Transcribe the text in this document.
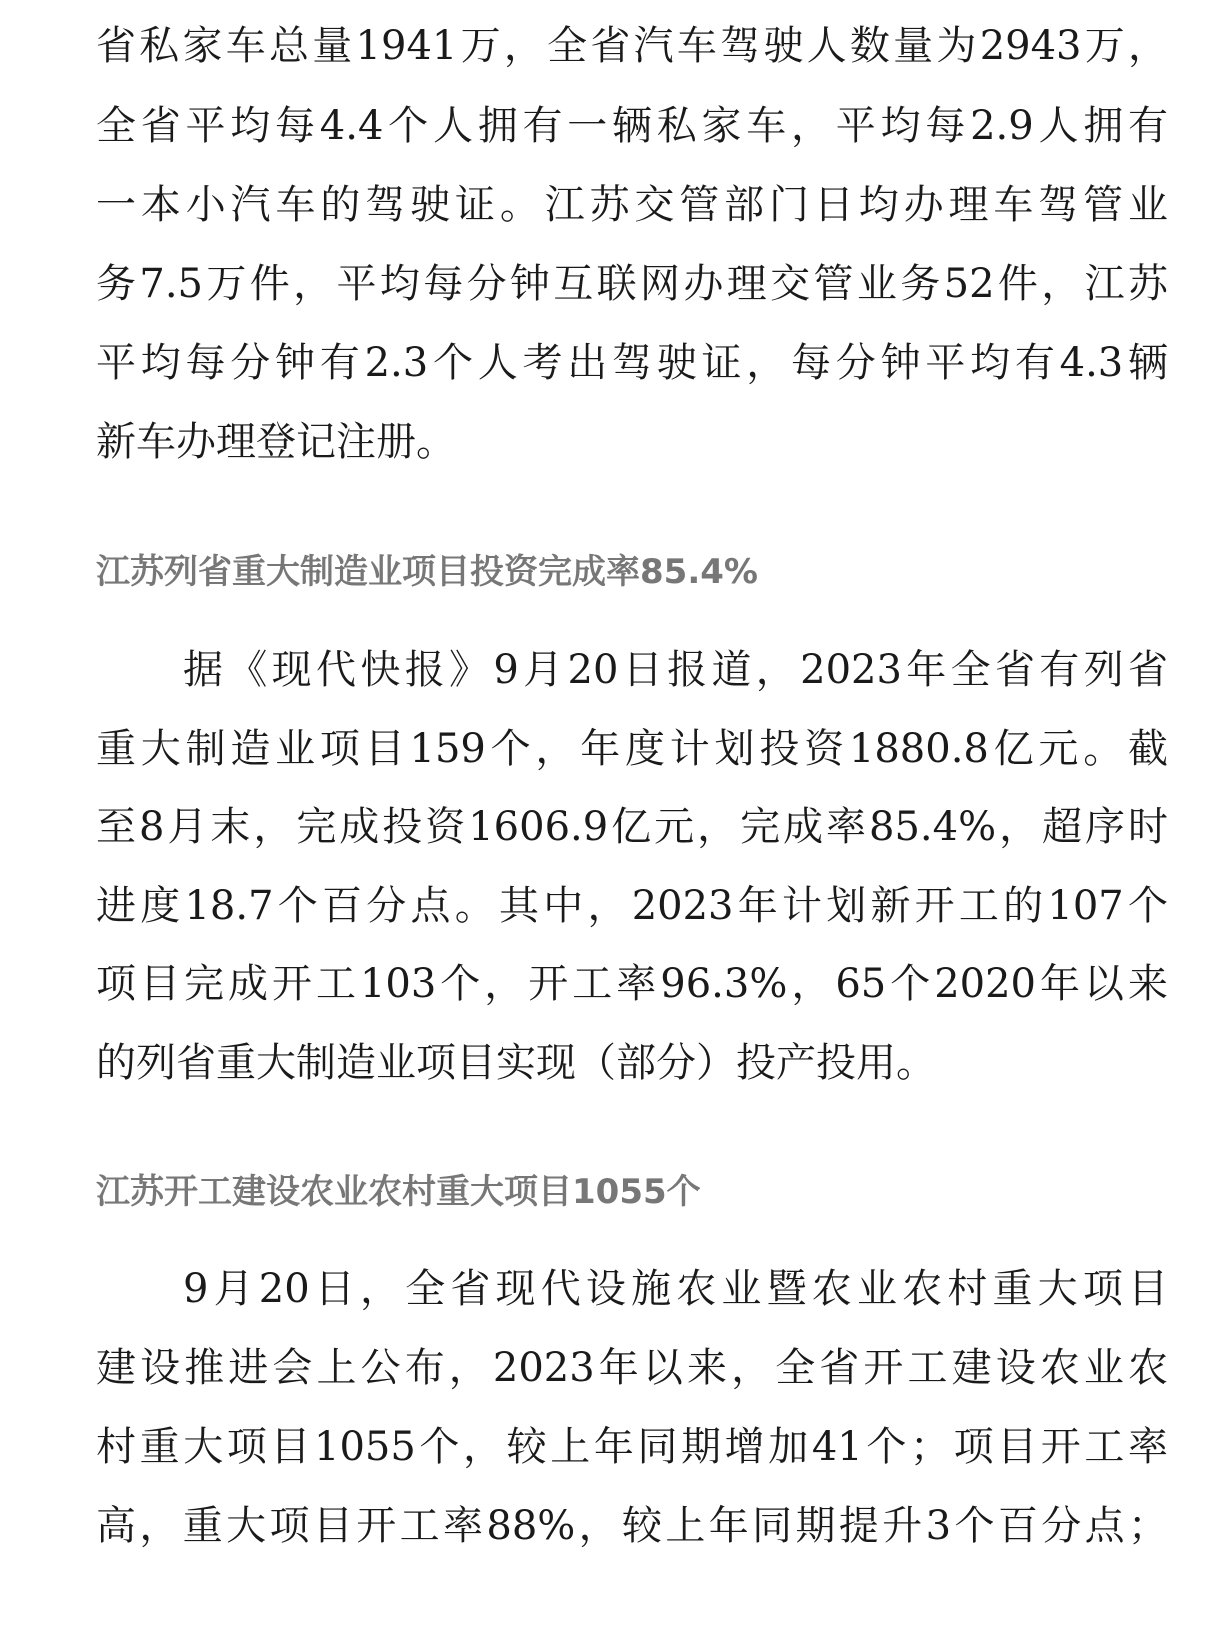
省私家车总量1941万，全省汽车驾驶人数量为2943万，
全省平均每4.4个人拥有一辆私家车，平均每2.9人拥有
一本小汽车的驾驶证。江苏交管部门日均办理车驾管业
务7.5万件，平均每分钟互联网办理交管业务52件，江苏
平均每分钟有2.3个人考出驾驶证，每分钟平均有4.3辆
新车办理登记注册。
江苏列省重大制造业项目投资完成率85.4%
据《现代快报》9月20日报道，2023年全省有列省
重大制造业项目159个，年度计划投资1880.8亿元。截
至8月末，完成投资1606.9亿元，完成率85.4%，超序时
进度18.7个百分点。其中，2023年计划新开工的107个
项目完成开工103个，开工率96.3%，65个2020年以来
的列省重大制造业项目实现（部分）投产投用。
江苏开工建设农业农村重大项目1055个
9月20日，全省现代设施农业暨农业农村重大项目
建设推进会上公布，2023年以来，全省开工建设农业农
村重大项目1055个，较上年同期增加41个；项目开工率
高，重大项目开工率88%，较上年同期提升3个百分点；
